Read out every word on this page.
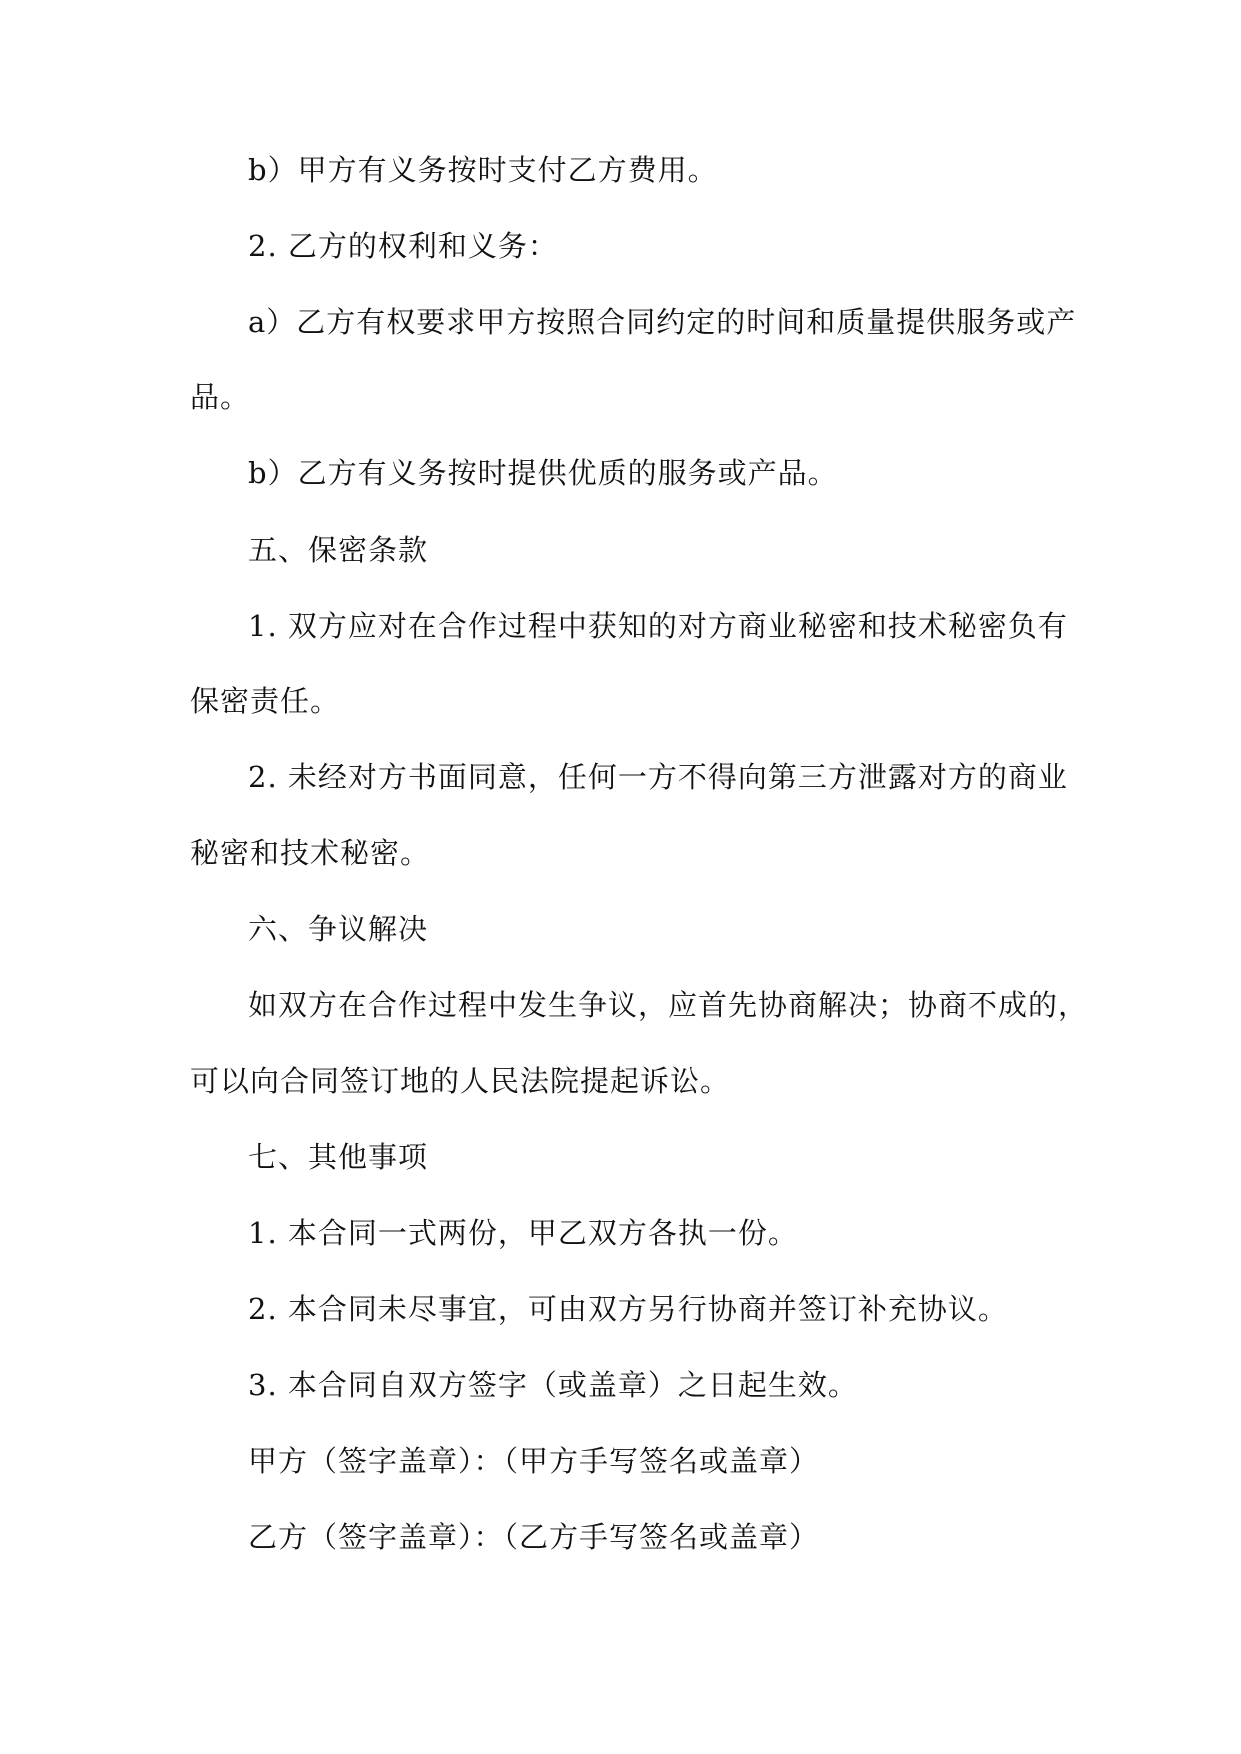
b）甲方有义务按时支付乙方费用。

2. 乙方的权利和义务：

a）乙方有权要求甲方按照合同约定的时间和质量提供服务或产

品。

b）乙方有义务按时提供优质的服务或产品。

五、保密条款

1. 双方应对在合作过程中获知的对方商业秘密和技术秘密负有

保密责任。

2. 未经对方书面同意，任何一方不得向第三方泄露对方的商业

秘密和技术秘密。

六、争议解决

如双方在合作过程中发生争议，应首先协商解决；协商不成的，

可以向合同签订地的人民法院提起诉讼。

七、其他事项

1. 本合同一式两份，甲乙双方各执一份。

2. 本合同未尽事宜，可由双方另行协商并签订补充协议。

3. 本合同自双方签字（或盖章）之日起生效。

甲方（签字盖章）：（甲方手写签名或盖章）

乙方（签字盖章）：（乙方手写签名或盖章）
